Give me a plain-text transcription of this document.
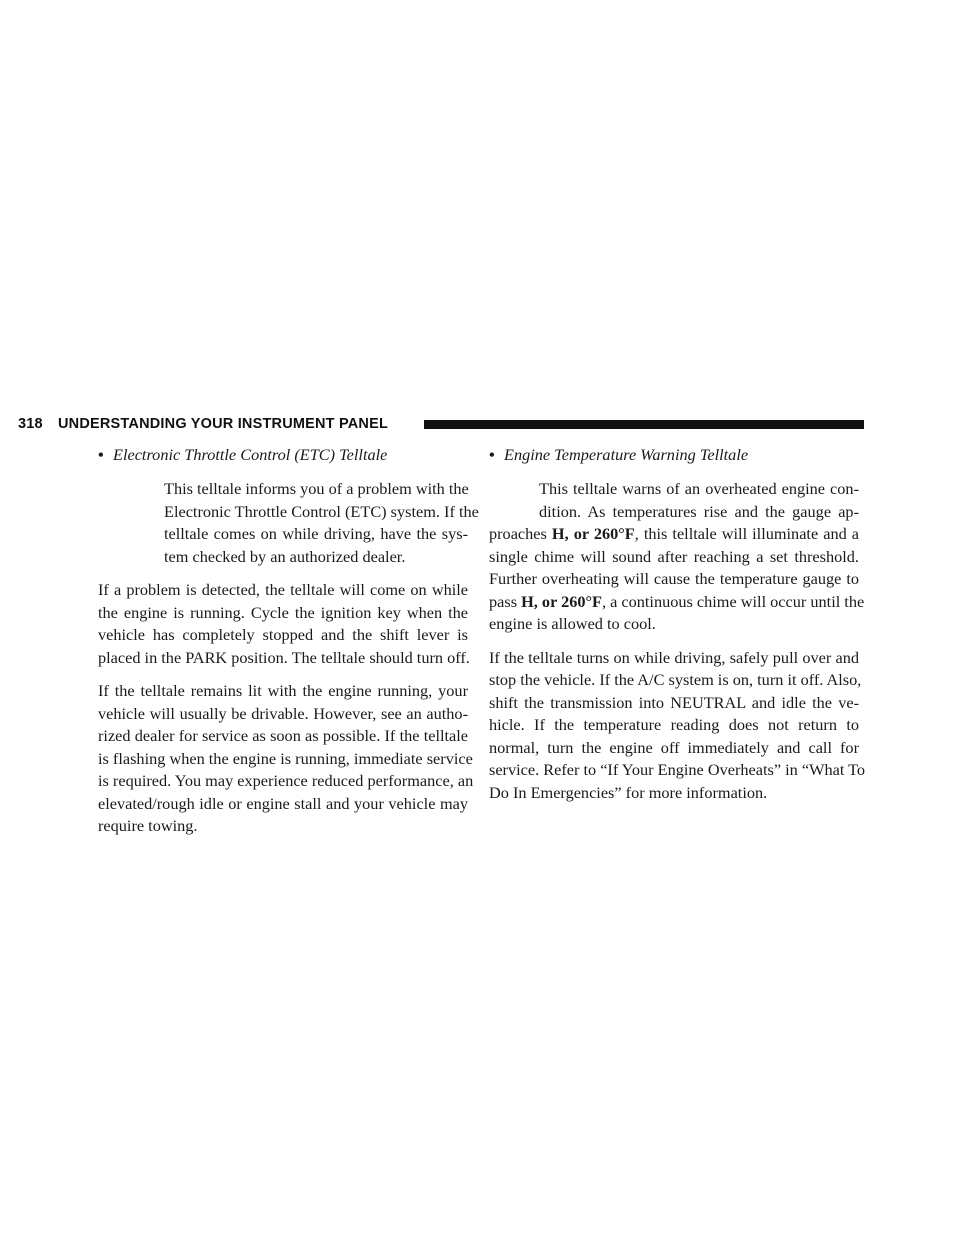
318 UNDERSTANDING YOUR INSTRUMENT PANEL
• Electronic Throttle Control (ETC) Telltale
This telltale informs you of a problem with the
Electronic Throttle Control (ETC) system. If the
telltale comes on while driving, have the sys-
tem checked by an authorized dealer.
If a problem is detected, the telltale will come on while
the engine is running. Cycle the ignition key when the
vehicle has completely stopped and the shift lever is
placed in the PARK position. The telltale should turn off.
If the telltale remains lit with the engine running, your
vehicle will usually be drivable. However, see an autho-
rized dealer for service as soon as possible. If the telltale
is flashing when the engine is running, immediate service
is required. You may experience reduced performance, an
elevated/rough idle or engine stall and your vehicle may
require towing.
• Engine Temperature Warning Telltale
This telltale warns of an overheated engine con-
dition. As temperatures rise and the gauge ap-
proaches H, or 260°F, this telltale will illuminate and a
single chime will sound after reaching a set threshold.
Further overheating will cause the temperature gauge to
pass H, or 260°F, a continuous chime will occur until the
engine is allowed to cool.
If the telltale turns on while driving, safely pull over and
stop the vehicle. If the A/C system is on, turn it off. Also,
shift the transmission into NEUTRAL and idle the ve-
hicle. If the temperature reading does not return to
normal, turn the engine off immediately and call for
service. Refer to “If Your Engine Overheats” in “What To
Do In Emergencies” for more information.
